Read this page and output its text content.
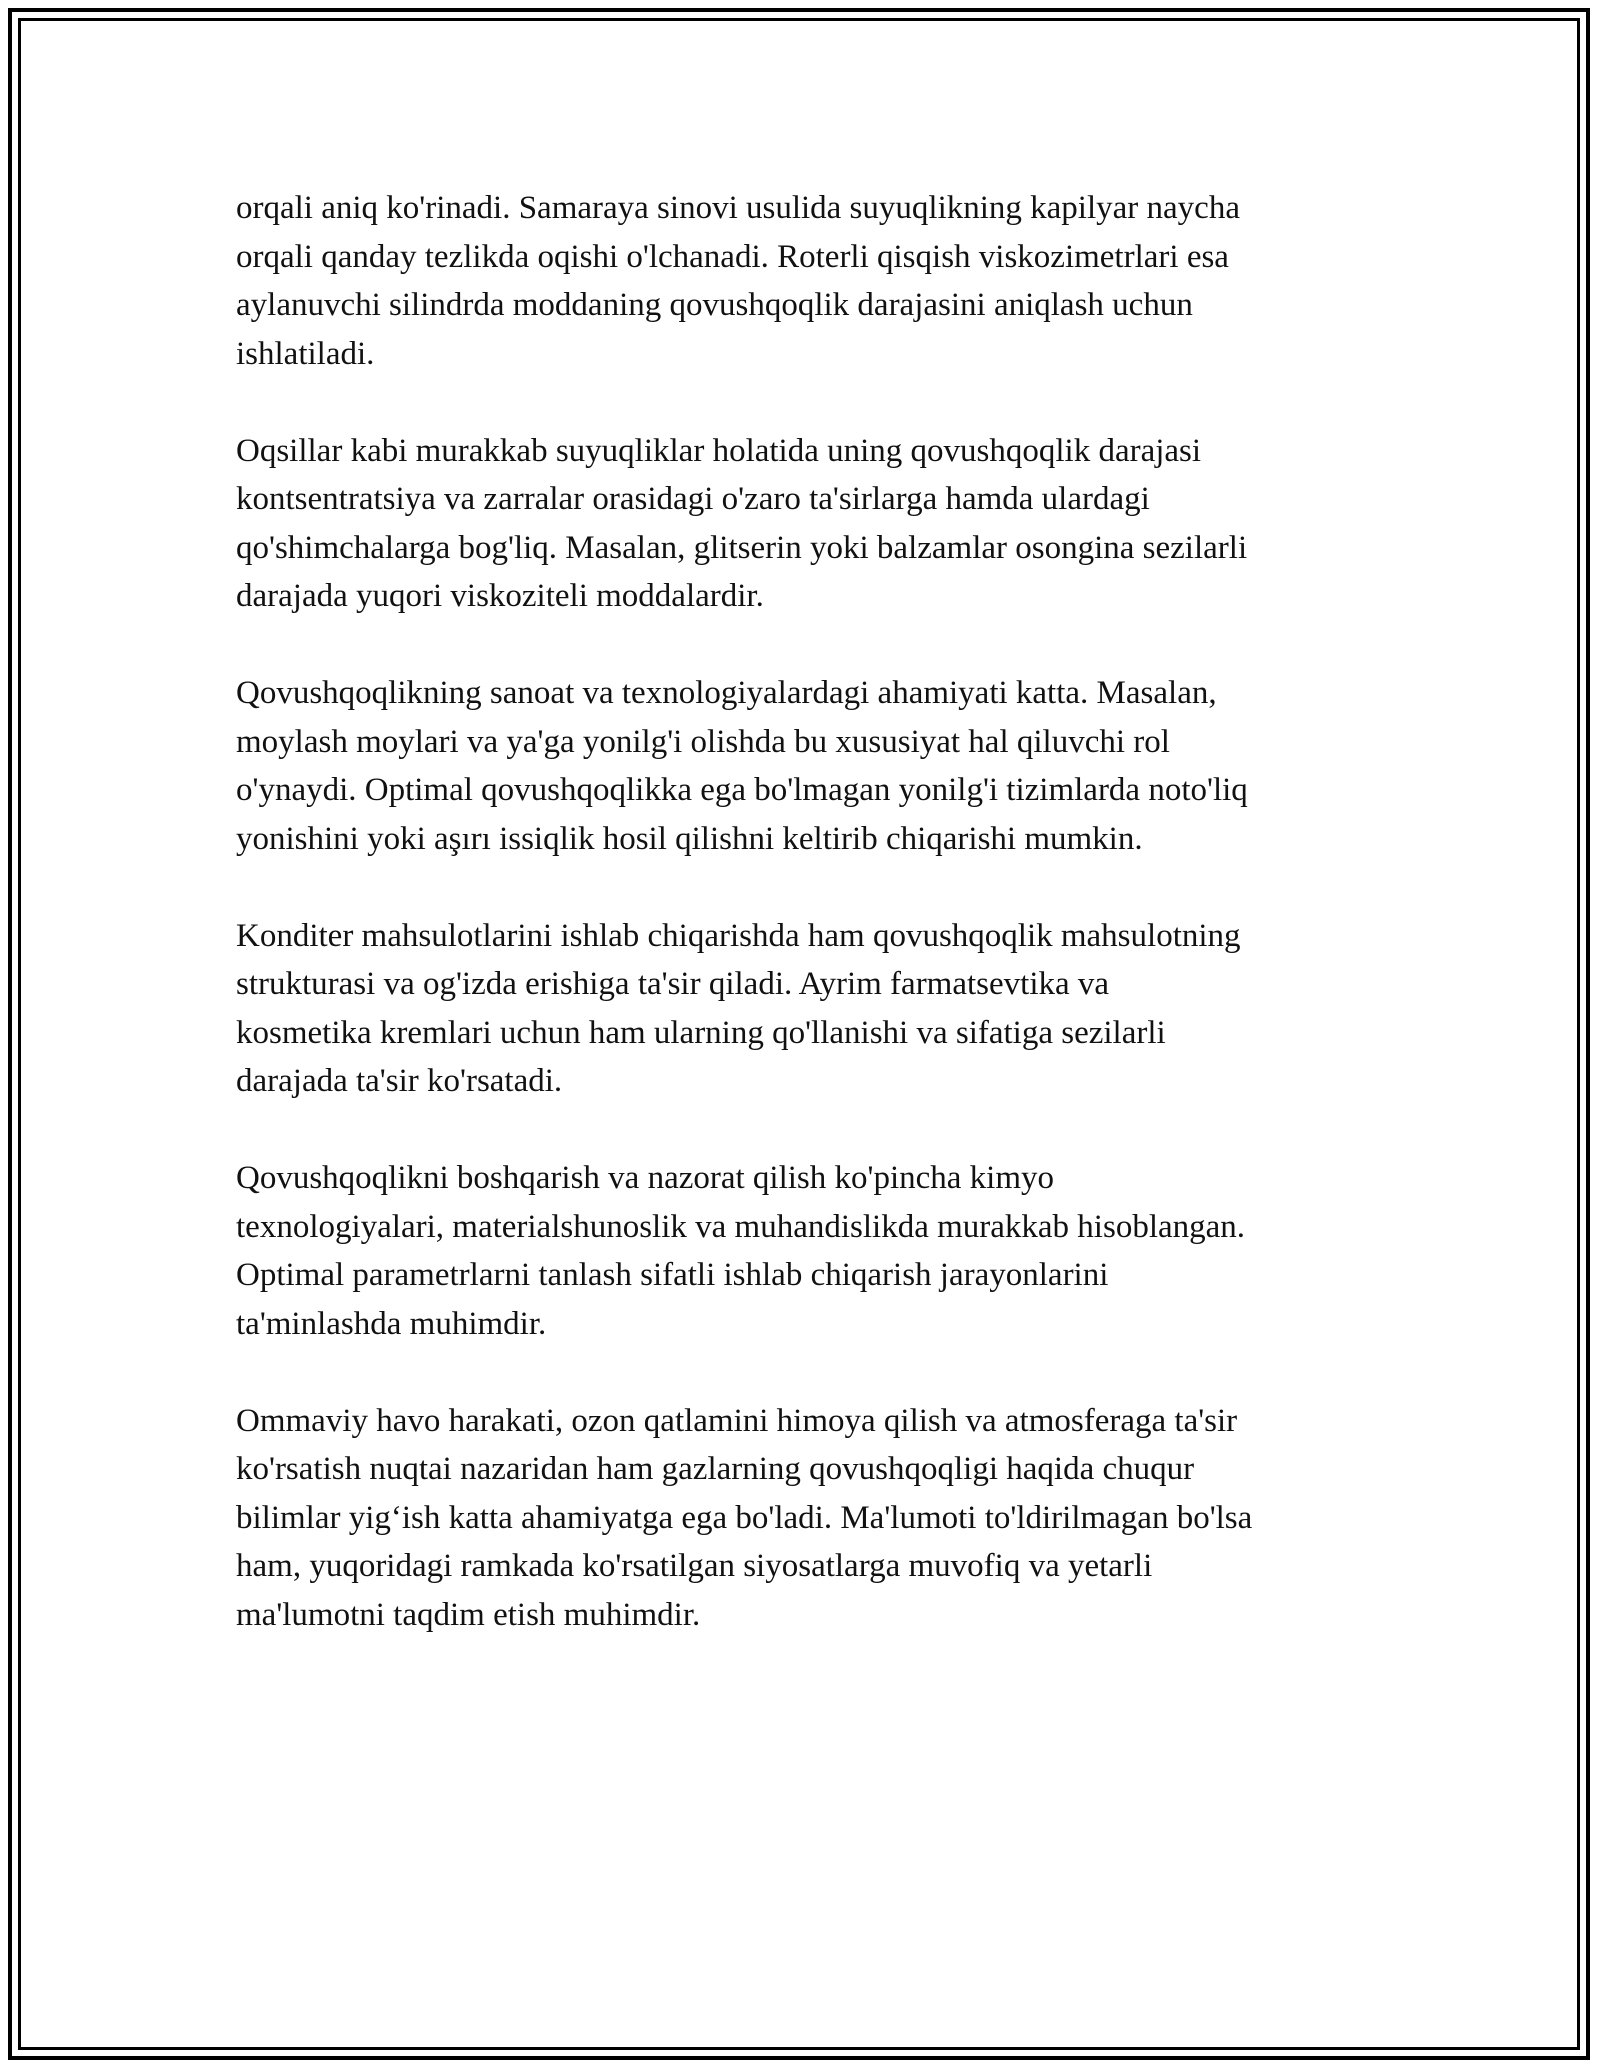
orqali aniq ko'rinadi. Samaraya sinovi usulida suyuqlikning kapilyar naycha
orqali qanday tezlikda oqishi o'lchanadi. Roterli qisqish viskozimetrlari esa
aylanuvchi silindrda moddaning qovushqoqlik darajasini aniqlash uchun
ishlatiladi.

Oqsillar kabi murakkab suyuqliklar holatida uning qovushqoqlik darajasi
kontsentratsiya va zarralar orasidagi o'zaro ta'sirlarga hamda ulardagi
qo'shimchalarga bog'liq. Masalan, glitserin yoki balzamlar osongina sezilarli
darajada yuqori viskoziteli moddalardir.

Qovushqoqlikning sanoat va texnologiyalardagi ahamiyati katta. Masalan,
moylash moylari va ya'ga yonilg'i olishda bu xususiyat hal qiluvchi rol
o'ynaydi. Optimal qovushqoqlikka ega bo'lmagan yonilg'i tizimlarda noto'liq
yonishini yoki aşırı issiqlik hosil qilishni keltirib chiqarishi mumkin.

Konditer mahsulotlarini ishlab chiqarishda ham qovushqoqlik mahsulotning
strukturasi va og'izda erishiga ta'sir qiladi. Ayrim farmatsevtika va
kosmetika kremlari uchun ham ularning qo'llanishi va sifatiga sezilarli
darajada ta'sir ko'rsatadi.

Qovushqoqlikni boshqarish va nazorat qilish ko'pincha kimyo
texnologiyalari, materialshunoslik va muhandislikda murakkab hisoblangan.
Optimal parametrlarni tanlash sifatli ishlab chiqarish jarayonlarini
ta'minlashda muhimdir.

Ommaviy havo harakati, ozon qatlamini himoya qilish va atmosferaga ta'sir
ko'rsatish nuqtai nazaridan ham gazlarning qovushqoqligi haqida chuqur
bilimlar yig‘ish katta ahamiyatga ega bo'ladi. Ma'lumoti to'ldirilmagan bo'lsa
ham, yuqoridagi ramkada ko'rsatilgan siyosatlarga muvofiq va yetarli
ma'lumotni taqdim etish muhimdir.
